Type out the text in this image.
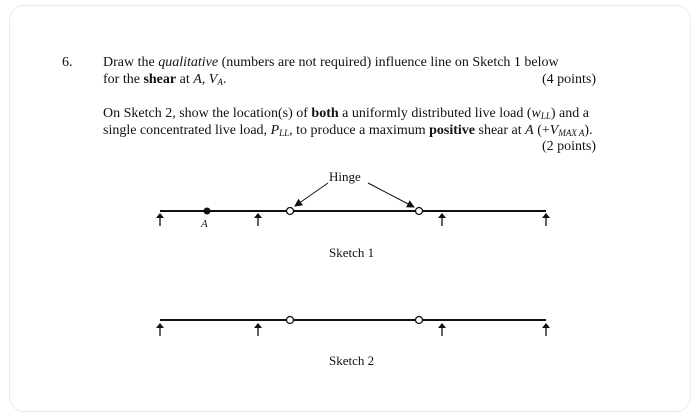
6. Draw the qualitative (numbers are not required) influence line on Sketch 1 below
for the shear at A, $V_A$.	(4 points)
On Sketch 2, show the location(s) of both a uniformly distributed live load $(w_{LL})$ and a
single concentrated live load, $P_{LL}$, to produce a maximum positive shear at A (+VMAX A).
(2 points)
Hinge
A
Sketch 1
Sketch 2
